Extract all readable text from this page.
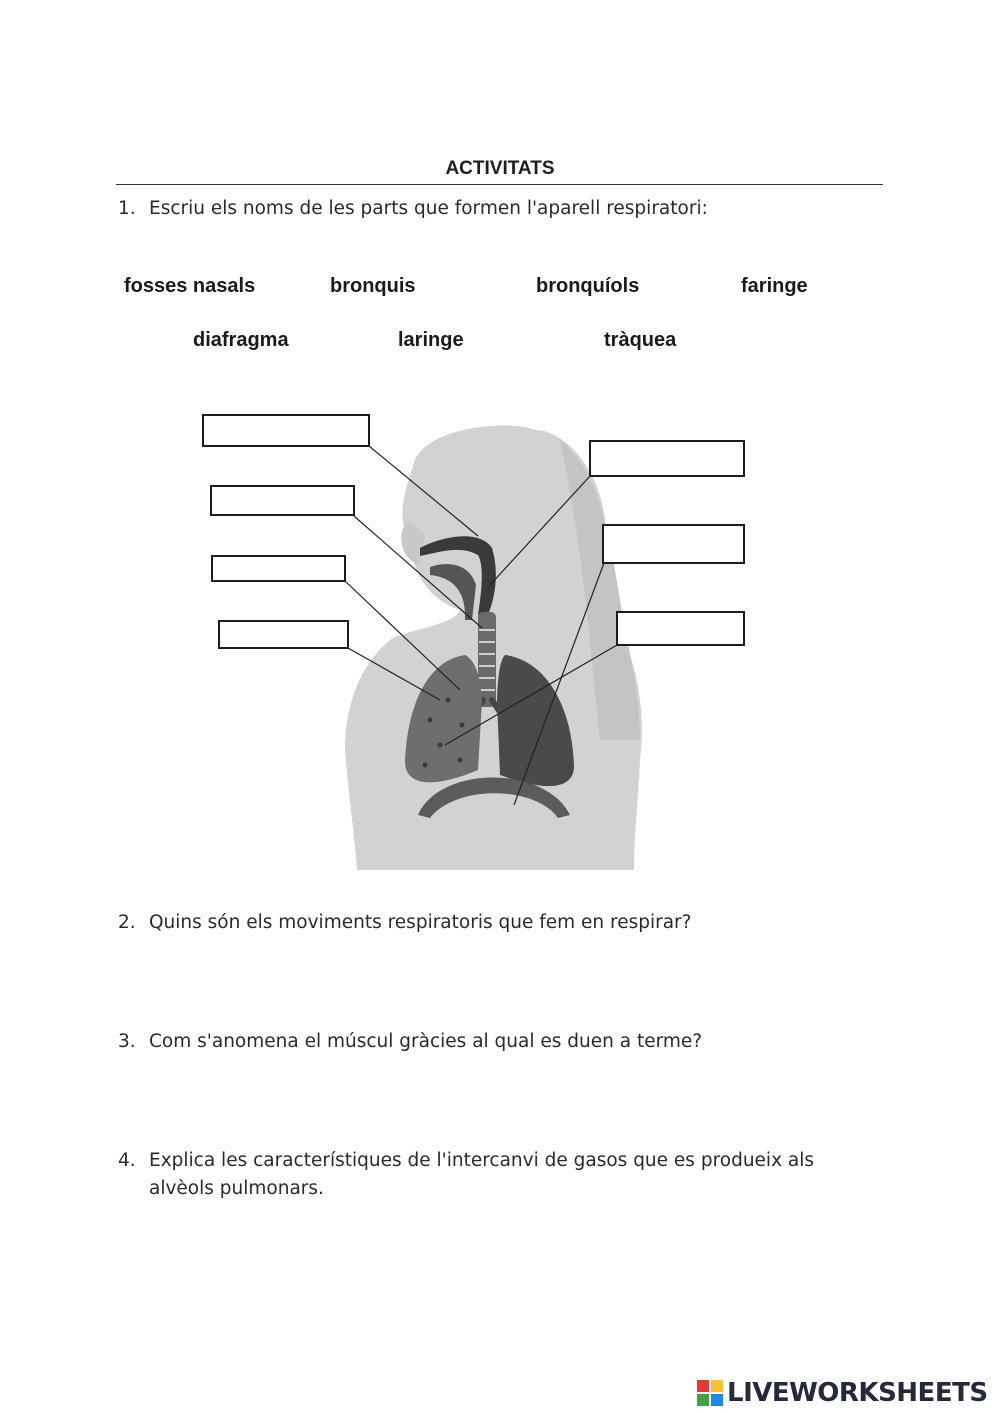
ACTIVITATS
1. Escriu els noms de les parts que formen l'aparell respiratori:
fosses nasals	bronquis	bronquíols	faringe
diafragma	laringe	tràquea
2. Quins són els moviments respiratoris que fem en respirar?
3. Com s'anomena el múscul gràcies al qual es duen a terme?
4. Explica les característiques de l'intercanvi de gasos que es produeix als alvèols pulmonars.
LIVEWORKSHEETS
